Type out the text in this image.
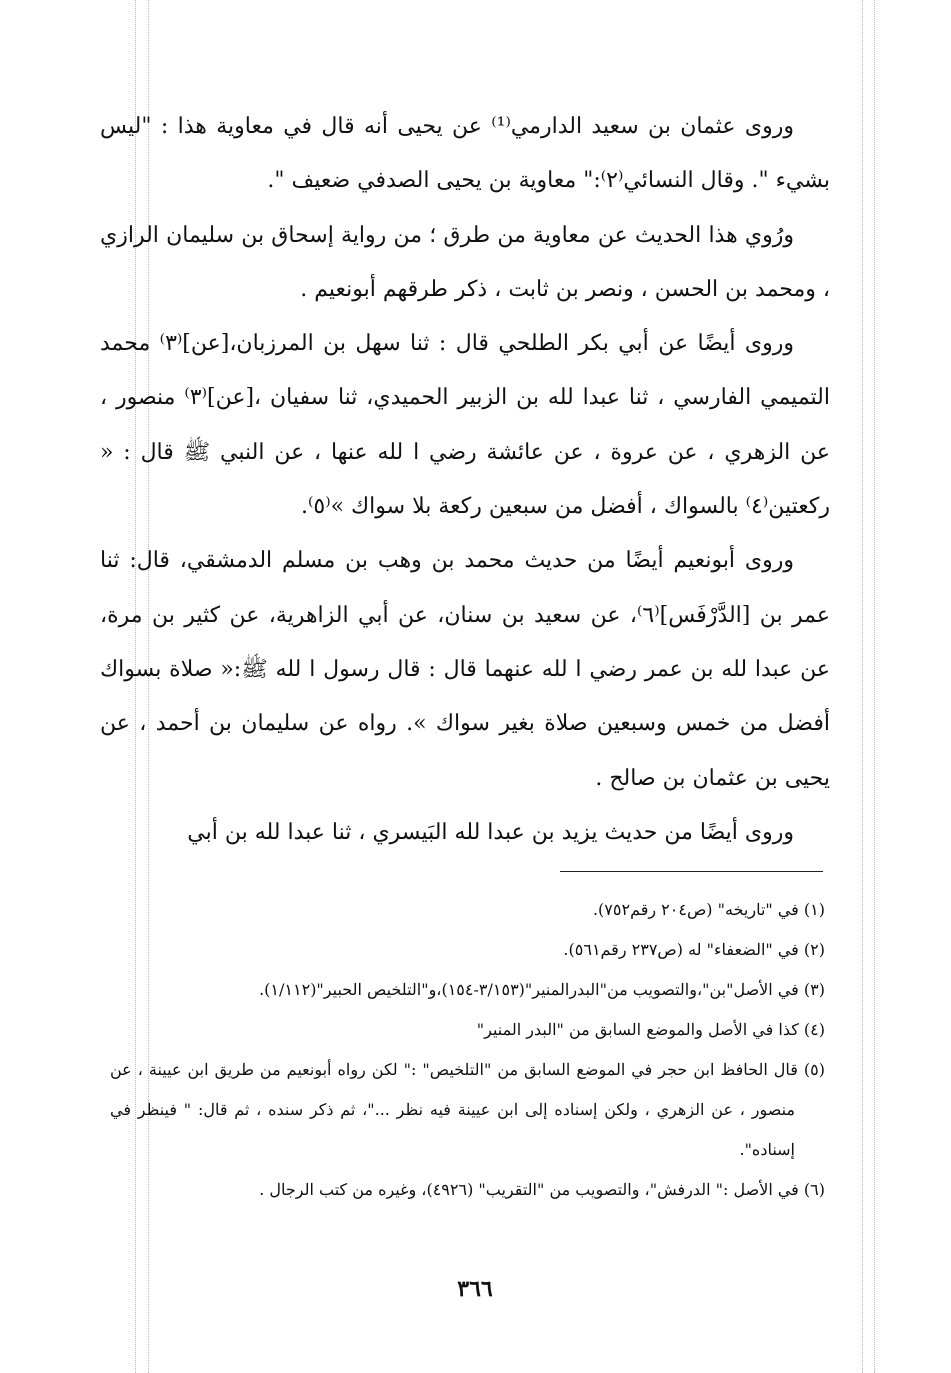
وروى عثمان بن سعيد الدارمي⁽¹⁾ عن يحيى أنه قال في معاوية هذا : "ليس بشيء ". وقال النسائي⁽٢⁾:" معاوية بن يحيى الصدفي ضعيف ".

ورُوي هذا الحديث عن معاوية من طرق ؛ من رواية إسحاق بن سليمان الرازي ، ومحمد بن الحسن ، ونصر بن ثابت ، ذكر طرقهم أبونعيم .

وروى أيضًا عن أبي بكر الطلحي قال : ثنا سهل بن المرزبان،[عن]⁽٣⁾ محمد التميمي الفارسي ، ثنا عبدا لله بن الزبير الحميدي، ثنا سفيان ،[عن]⁽٣⁾ منصور ، عن الزهري ، عن عروة ، عن عائشة رضي ا لله عنها ، عن النبي ﷺ قال : « ركعتين⁽٤⁾ بالسواك ، أفضل من سبعين ركعة بلا سواك »⁽٥⁾.

وروى أبونعيم أيضًا من حديث محمد بن وهب بن مسلم الدمشقي، قال: ثنا عمر بن [الدَّرْفَس]⁽٦⁾، عن سعيد بن سنان، عن أبي الزاهرية، عن كثير بن مرة، عن عبدا لله بن عمر رضي ا لله عنهما قال : قال رسول ا لله ﷺ:« صلاة بسواك أفضل من خمس وسبعين صلاة بغير سواك ». رواه عن سليمان بن أحمد ، عن يحيى بن عثمان بن صالح .

وروى أيضًا من حديث يزيد بن عبدا لله البَيسري ، ثنا عبدا لله بن أبي

(١) في "تاريخه" (ص٢٠٤ رقم٧٥٢).

(٢) في "الضعفاء" له (ص٢٣٧ رقم٥٦١).

(٣) في الأصل"بن"،والتصويب من"البدرالمنير"(٣/١٥٣-١٥٤)،و"التلخيص الحبير"(١/١١٢).

(٤) كذا في الأصل والموضع السابق من "البدر المنير"

(٥) قال الحافظ ابن حجر في الموضع السابق من "التلخيص" :" لكن رواه أبونعيم من طريق ابن عيينة ، عن منصور ، عن الزهري ، ولكن إسناده إلى ابن عيينة فيه نظر ..."، ثم ذكر سنده ، ثم قال: " فينظر في إسناده".

(٦) في الأصل :" الدرفش"، والتصويب من "التقريب" (٤٩٢٦)، وغيره من كتب الرجال .

٣٦٦
